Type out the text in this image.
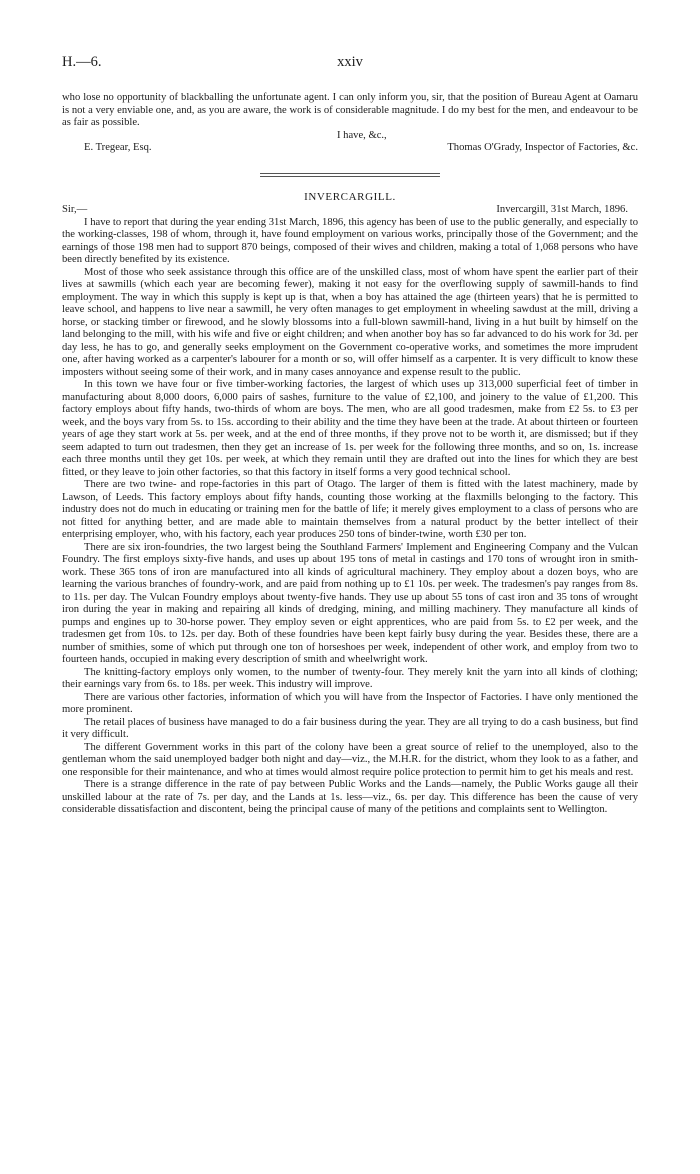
H.—6.	xxiv

who lose no opportunity of blackballing the unfortunate agent. I can only inform you, sir, that the position of Bureau Agent at Oamaru is not a very enviable one, and, as you are aware, the work is of considerable magnitude. I do my best for the men, and endeavour to be as fair as possible.

I have, &c.,
E. Tregear, Esq.	Thomas O'Grady, Inspector of Factories, &c.
INVERCARGILL.
Sir,—	Invercargill, 31st March, 1896.

I have to report that during the year ending 31st March, 1896, this agency has been of use to the public generally, and especially to the working-classes, 198 of whom, through it, have found employment on various works, principally those of the Government; and the earnings of those 198 men had to support 870 beings, composed of their wives and children, making a total of 1,068 persons who have been directly benefited by its existence.

Most of those who seek assistance through this office are of the unskilled class, most of whom have spent the earlier part of their lives at sawmills (which each year are becoming fewer), making it not easy for the overflowing supply of sawmill-hands to find employment. The way in which this supply is kept up is that, when a boy has attained the age (thirteen years) that he is permitted to leave school, and happens to live near a sawmill, he very often manages to get employment in wheeling sawdust at the mill, driving a horse, or stacking timber or firewood, and he slowly blossoms into a full-blown sawmill-hand, living in a hut built by himself on the land belonging to the mill, with his wife and five or eight children; and when another boy has so far advanced to do his work for 3d. per day less, he has to go, and generally seeks employment on the Government co-operative works, and sometimes the more imprudent one, after having worked as a carpenter's labourer for a month or so, will offer himself as a carpenter. It is very difficult to know these imposters without seeing some of their work, and in many cases annoyance and expense result to the public.

In this town we have four or five timber-working factories, the largest of which uses up 313,000 superficial feet of timber in manufacturing about 8,000 doors, 6,000 pairs of sashes, furniture to the value of £2,100, and joinery to the value of £1,200. This factory employs about fifty hands, two-thirds of whom are boys. The men, who are all good tradesmen, make from £2 5s. to £3 per week, and the boys vary from 5s. to 15s. according to their ability and the time they have been at the trade. At about thirteen or fourteen years of age they start work at 5s. per week, and at the end of three months, if they prove not to be worth it, are dismissed; but if they seem adapted to turn out tradesmen, then they get an increase of 1s. per week for the following three months, and so on, 1s. increase each three months until they get 10s. per week, at which they remain until they are drafted out into the lines for which they are best fitted, or they leave to join other factories, so that this factory in itself forms a very good technical school.

There are two twine- and rope-factories in this part of Otago. The larger of them is fitted with the latest machinery, made by Lawson, of Leeds. This factory employs about fifty hands, counting those working at the flaxmills belonging to the factory. This industry does not do much in educating or training men for the battle of life; it merely gives employment to a class of persons who are not fitted for anything better, and are made able to maintain themselves from a natural product by the better intellect of their enterprising employer, who, with his factory, each year produces 250 tons of binder-twine, worth £30 per ton.

There are six iron-foundries, the two largest being the Southland Farmers' Implement and Engineering Company and the Vulcan Foundry. The first employs sixty-five hands, and uses up about 195 tons of metal in castings and 170 tons of wrought iron in smith-work. These 365 tons of iron are manufactured into all kinds of agricultural machinery. They employ about a dozen boys, who are learning the various branches of foundry-work, and are paid from nothing up to £1 10s. per week. The tradesmen's pay ranges from 8s. to 11s. per day. The Vulcan Foundry employs about twenty-five hands. They use up about 55 tons of cast iron and 35 tons of wrought iron during the year in making and repairing all kinds of dredging, mining, and milling machinery. They manufacture all kinds of pumps and engines up to 30-horse power. They employ seven or eight apprentices, who are paid from 5s. to £2 per week, and the tradesmen get from 10s. to 12s. per day. Both of these foundries have been kept fairly busy during the year. Besides these, there are a number of smithies, some of which put through one ton of horseshoes per week, independent of other work, and employ from two to fourteen hands, occupied in making every description of smith and wheelwright work.

The knitting-factory employs only women, to the number of twenty-four. They merely knit the yarn into all kinds of clothing; their earnings vary from 6s. to 18s. per week. This industry will improve.

There are various other factories, information of which you will have from the Inspector of Factories. I have only mentioned the more prominent.

The retail places of business have managed to do a fair business during the year. They are all trying to do a cash business, but find it very difficult.

The different Government works in this part of the colony have been a great source of relief to the unemployed, also to the gentleman whom the said unemployed badger both night and day—viz., the M.H.R. for the district, whom they look to as a father, and one responsible for their maintenance, and who at times would almost require police protection to permit him to get his meals and rest.

There is a strange difference in the rate of pay between Public Works and the Lands—namely, the Public Works gauge all their unskilled labour at the rate of 7s. per day, and the Lands at 1s. less—viz., 6s. per day. This difference has been the cause of very considerable dissatisfaction and discontent, being the principal cause of many of the petitions and complaints sent to Wellington.
